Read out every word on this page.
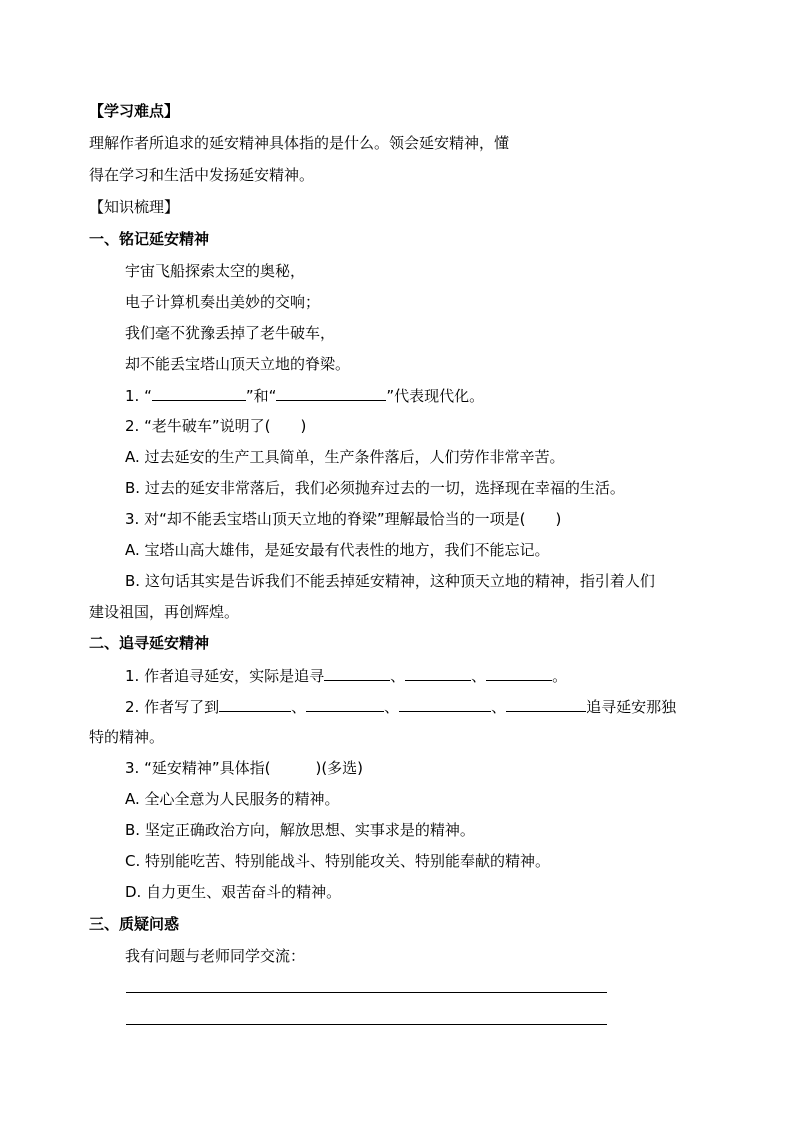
【学习难点】
理解作者所追求的延安精神具体指的是什么。领会延安精神，懂
得在学习和生活中发扬延安精神。
【知识梳理】
一、铭记延安精神
宇宙飞船探索太空的奥秘，
电子计算机奏出美妙的交响；
我们毫不犹豫丢掉了老牛破车，
却不能丢宝塔山顶天立地的脊梁。
1. “	”和“	”代表现代化。
2. “老牛破车”说明了(　　)
A. 过去延安的生产工具简单，生产条件落后，人们劳作非常辛苦。
B. 过去的延安非常落后，我们必须抛弃过去的一切，选择现在幸福的生活。
3. 对“却不能丢宝塔山顶天立地的脊梁”理解最恰当的一项是(　　)
A. 宝塔山高大雄伟，是延安最有代表性的地方，我们不能忘记。
B. 这句话其实是告诉我们不能丢掉延安精神，这种顶天立地的精神，指引着人们
建设祖国，再创辉煌。
二、追寻延安精神
1. 作者追寻延安，实际是追寻	、	、	。
2. 作者写了到	、	、	、	追寻延安那独
特的精神。
3. “延安精神”具体指(　　　)(多选)
A. 全心全意为人民服务的精神。
B. 坚定正确政治方向，解放思想、实事求是的精神。
C. 特别能吃苦、特别能战斗、特别能攻关、特别能奉献的精神。
D. 自力更生、艰苦奋斗的精神。
三、质疑问惑
我有问题与老师同学交流：
